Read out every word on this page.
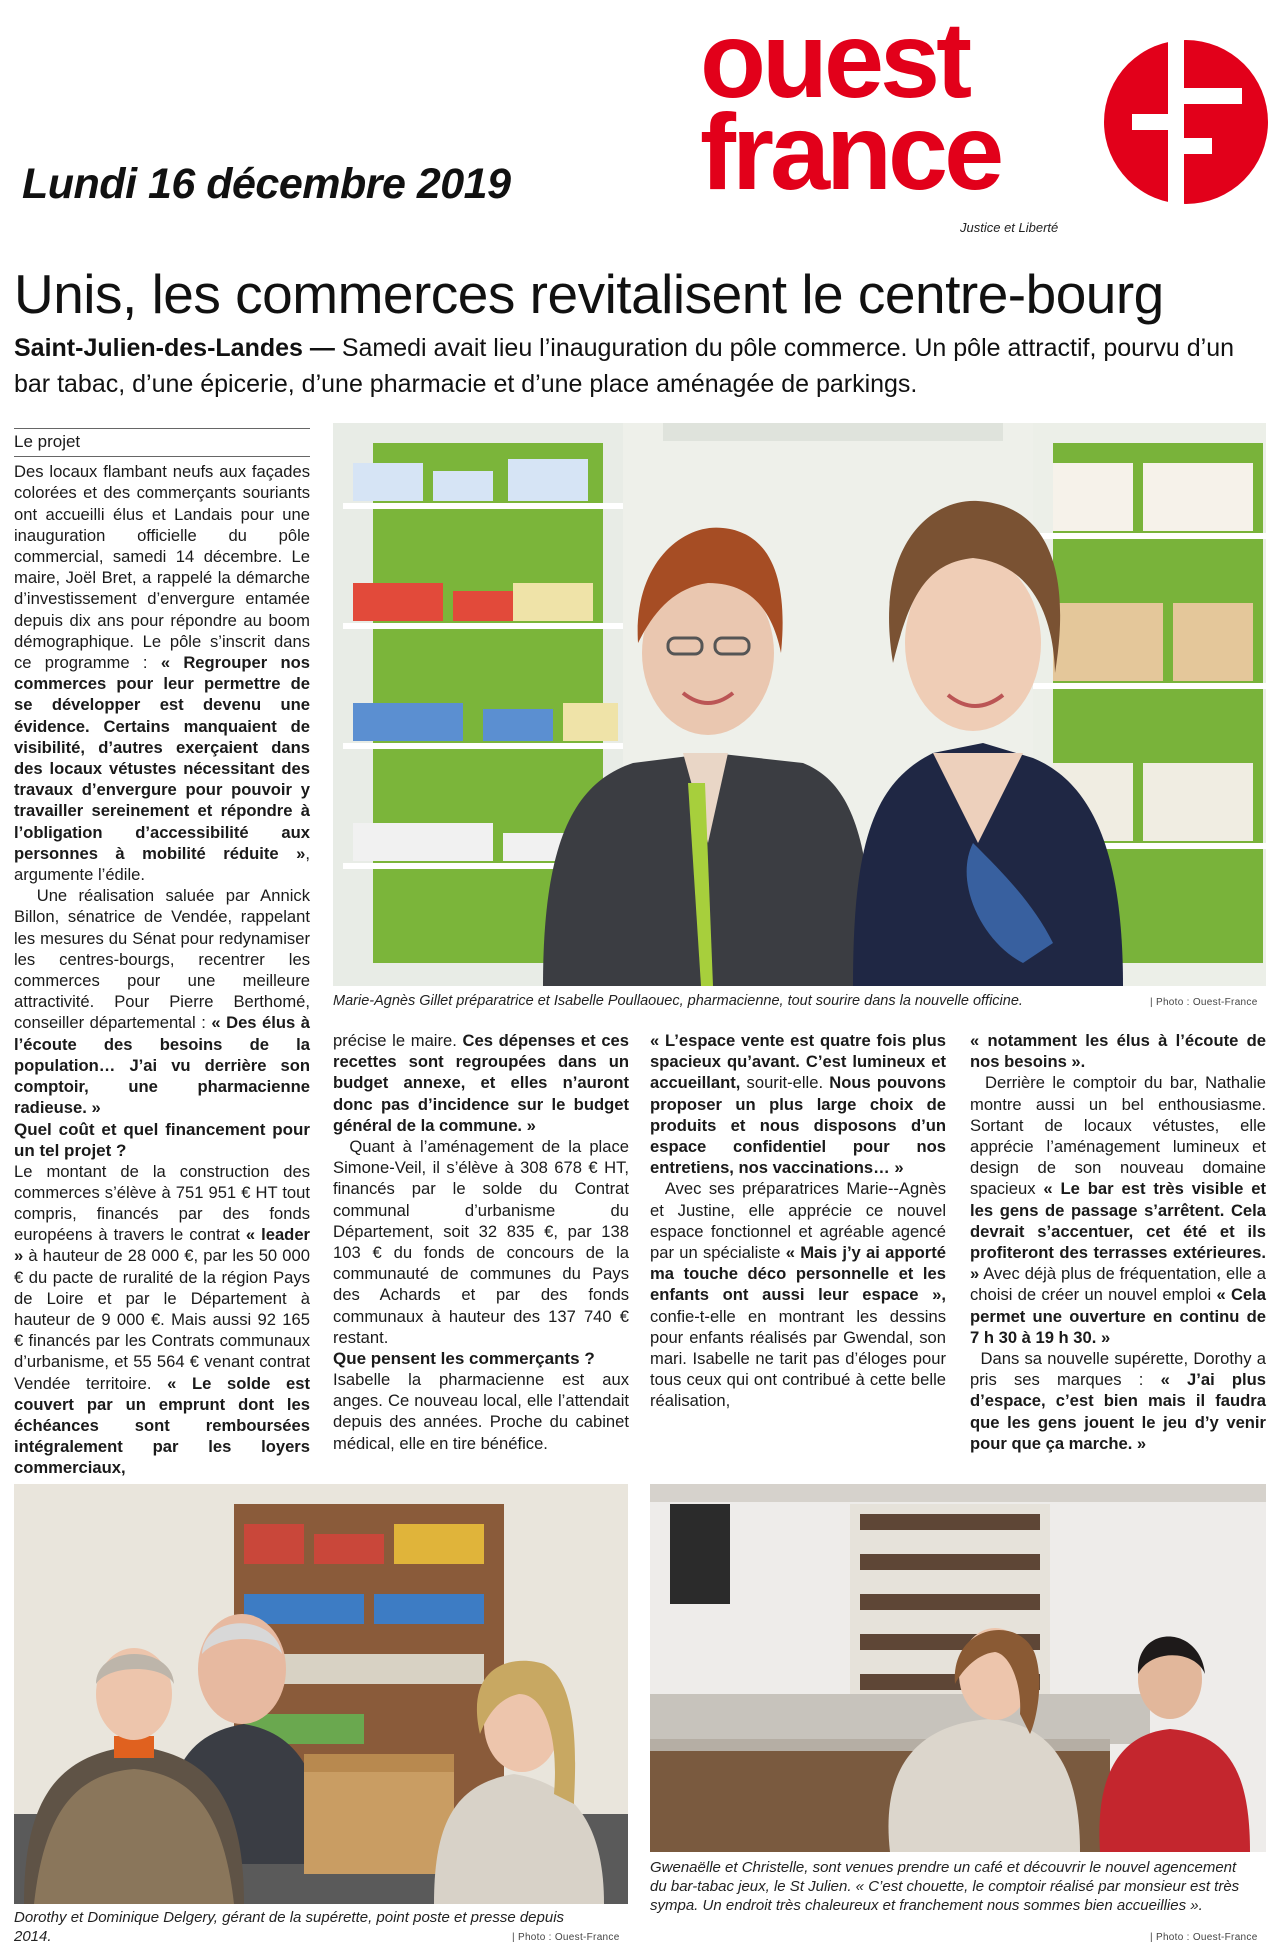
Lundi 16 décembre 2019
ouest
france
Justice et Liberté
Unis, les commerces revitalisent le centre-bourg
Saint-Julien-des-Landes — Samedi avait lieu l’inauguration du pôle commerce. Un pôle attractif, pourvu d’un bar tabac, d’une épicerie, d’une pharmacie et d’une place aménagée de parkings.
Le projet

Des locaux flambant neufs aux façades colorées et des commerçants souriants ont accueilli élus et Landais pour une inauguration officielle du pôle commercial, samedi 14 décembre. Le maire, Joël Bret, a rappelé la démarche d’investissement d’envergure entamée depuis dix ans pour répondre au boom démographique. Le pôle s’inscrit dans ce programme : « Regrouper nos commerces pour leur permettre de se développer est devenu une évidence. Certains manquaient de visibilité, d’autres exerçaient dans des locaux vétustes nécessitant des travaux d’envergure pour pouvoir y travailler sereinement et répondre à l’obligation d’accessibilité aux personnes à mobilité réduite », argumente l’édile.

Une réalisation saluée par Annick Billon, sénatrice de Vendée, rappelant les mesures du Sénat pour redynamiser les centres-bourgs, recentrer les commerces pour une meilleure attractivité. Pour Pierre Berthomé, conseiller départemental : « Des élus à l’écoute des besoins de la population… J’ai vu derrière son comptoir, une pharmacienne radieuse. »

Quel coût et quel financement pour un tel projet ?

Le montant de la construction des commerces s’élève à 751 951 € HT tout compris, financés par des fonds européens à travers le contrat « leader » à hauteur de 28 000 €, par les 50 000 € du pacte de ruralité de la région Pays de Loire et par le Département à hauteur de 9 000 €. Mais aussi 92 165 € financés par les Contrats communaux d’urbanisme, et 55 564 € venant contrat Vendée territoire. « Le solde est couvert par un emprunt dont les échéances sont remboursées intégralement par les loyers commerciaux,

Marie-Agnès Gillet préparatrice et Isabelle Poullaouec, pharmacienne, tout sourire dans la nouvelle officine.	| Photo : Ouest-France

précise le maire. Ces dépenses et ces recettes sont regroupées dans un budget annexe, et elles n’auront donc pas d’incidence sur le budget général de la commune. »

Quant à l’aménagement de la place Simone-Veil, il s’élève à 308 678 € HT, financés par le solde du Contrat communal d’urbanisme du Département, soit 32 835 €, par 138 103 € du fonds de concours de la communauté de communes du Pays des Achards et par des fonds communaux à hauteur des 137 740 € restant.

Que pensent les commerçants ?

Isabelle la pharmacienne est aux anges. Ce nouveau local, elle l’attendait depuis des années. Proche du cabinet médical, elle en tire bénéfice.

« L’espace vente est quatre fois plus spacieux qu’avant. C’est lumineux et accueillant, sourit-elle. Nous pouvons proposer un plus large choix de produits et nous disposons d’un espace confidentiel pour nos entretiens, nos vaccinations… »

Avec ses préparatrices Marie--Agnès et Justine, elle apprécie ce nouvel espace fonctionnel et agréable agencé par un spécialiste « Mais j’y ai apporté ma touche déco personnelle et les enfants ont aussi leur espace », confie-t-elle en montrant les dessins pour enfants réalisés par Gwendal, son mari. Isabelle ne tarit pas d’éloges pour tous ceux qui ont contribué à cette belle réalisation,

« notamment les élus à l’écoute de nos besoins ».

Derrière le comptoir du bar, Nathalie montre aussi un bel enthousiasme. Sortant de locaux vétustes, elle apprécie l’aménagement lumineux et design de son nouveau domaine spacieux « Le bar est très visible et les gens de passage s’arrêtent. Cela devrait s’accentuer, cet été et ils profiteront des terrasses extérieures. » Avec déjà plus de fréquentation, elle a choisi de créer un nouvel emploi « Cela permet une ouverture en continu de 7 h 30 à 19 h 30. »

Dans sa nouvelle supérette, Dorothy a pris ses marques : « J’ai plus d’espace, c’est bien mais il faudra que les gens jouent le jeu d’y venir pour que ça marche. »

Dorothy et Dominique Delgery, gérant de la supérette, point poste et presse depuis 2014.	| Photo : Ouest-France
Gwenaëlle et Christelle, sont venues prendre un café et découvrir le nouvel agencement du bar-tabac jeux, le St Julien. « C’est chouette, le comptoir réalisé par monsieur est très sympa. Un endroit très chaleureux et franchement nous sommes bien accueillies ».
| Photo : Ouest-France
